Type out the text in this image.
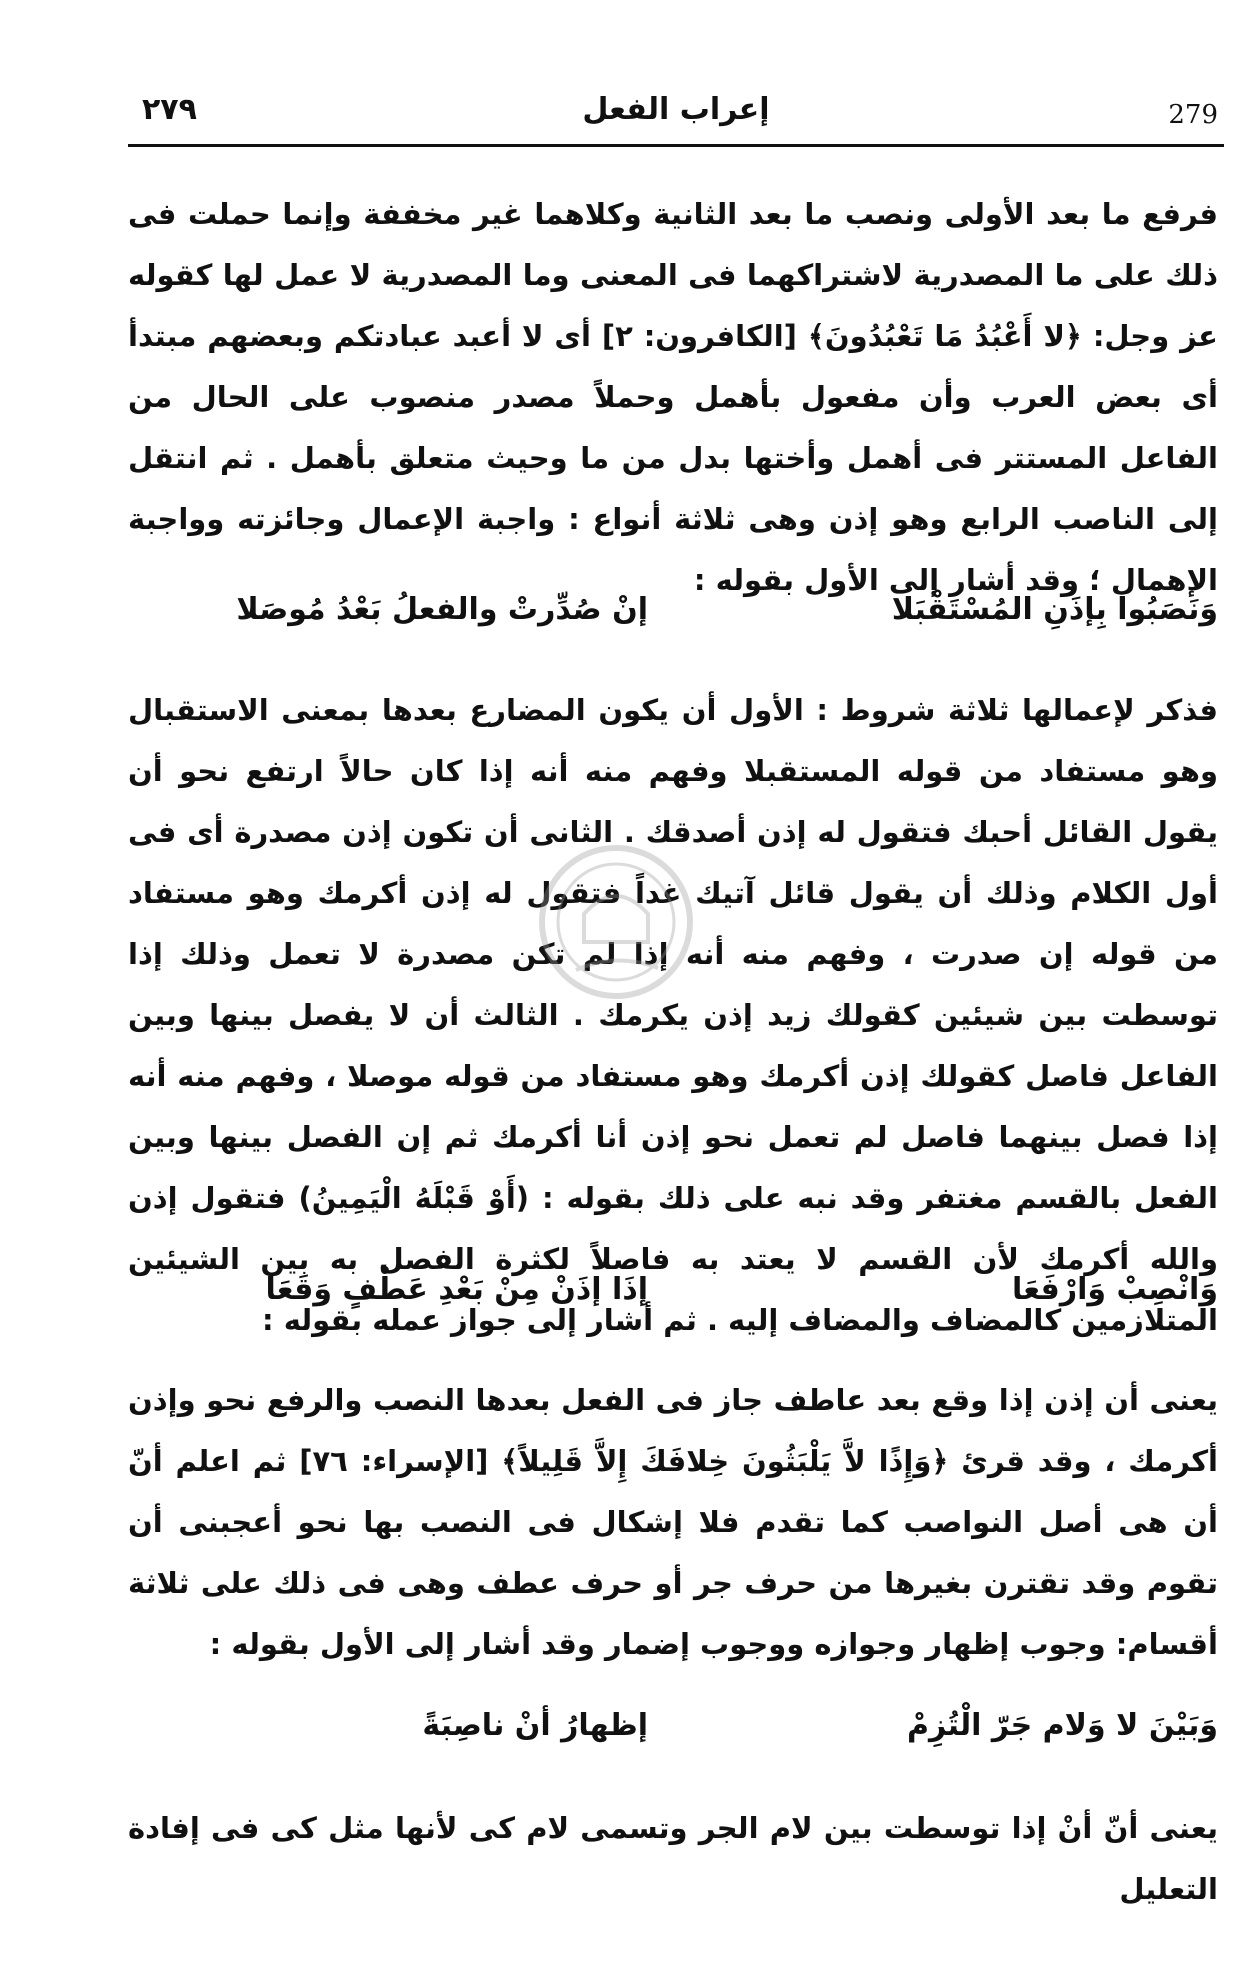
٢٧٩	إعراب الفعل	279

فرفع ما بعد الأولى ونصب ما بعد الثانية وكلاهما غير مخففة وإنما حملت فى ذلك على ما المصدرية لاشتراكهما فى المعنى وما المصدرية لا عمل لها كقوله عز وجل: ﴿لا أَعْبُدُ مَا تَعْبُدُونَ﴾ [الكافرون: ٢] أى لا أعبد عبادتكم وبعضهم مبتدأ أى بعض العرب وأن مفعول بأهمل وحملاً مصدر منصوب على الحال من الفاعل المستتر فى أهمل وأختها بدل من ما وحيث متعلق بأهمل . ثم انتقل إلى الناصب الرابع وهو إذن وهى ثلاثة أنواع : واجبة الإعمال وجائزته وواجبة الإهمال ؛ وقد أشار إلى الأول بقوله :

وَنَصَبُوا بِإذَنِ المُسْتَقْبَلا
إنْ صُدِّرتْ والفعلُ بَعْدُ مُوصَلا

فذكر لإعمالها ثلاثة شروط : الأول أن يكون المضارع بعدها بمعنى الاستقبال وهو مستفاد من قوله المستقبلا وفهم منه أنه إذا كان حالاً ارتفع نحو أن يقول القائل أحبك فتقول له إذن أصدقك . الثانى أن تكون إذن مصدرة أى فى أول الكلام وذلك أن يقول قائل آتيك غداً فتقول له إذن أكرمك وهو مستفاد من قوله إن صدرت ، وفهم منه أنه إذا لم تكن مصدرة لا تعمل وذلك إذا توسطت بين شيئين كقولك زيد إذن يكرمك . الثالث أن لا يفصل بينها وبين الفاعل فاصل كقولك إذن أكرمك وهو مستفاد من قوله موصلا ، وفهم منه أنه إذا فصل بينهما فاصل لم تعمل نحو إذن أنا أكرمك ثم إن الفصل بينها وبين الفعل بالقسم مغتفر وقد نبه على ذلك بقوله : (أَوْ قَبْلَهُ الْيَمِينُ) فتقول إذن والله أكرمك لأن القسم لا يعتد به فاصلاً لكثرة الفصل به بين الشيئين المتلازمين كالمضاف والمضاف إليه . ثم أشار إلى جواز عمله بقوله :

وَانْصِبْ وَارْفَعَا
إذَا إذَنْ مِنْ بَعْدِ عَطْفٍ وَقَعَا

يعنى أن إذن إذا وقع بعد عاطف جاز فى الفعل بعدها النصب والرفع نحو وإذن أكرمك ، وقد قرئ ﴿وَإِذًا لاَّ يَلْبَثُونَ خِلافَكَ إِلاَّ قَلِيلاً﴾ [الإسراء: ٧٦] ثم اعلم أنّ أن هى أصل النواصب كما تقدم فلا إشكال فى النصب بها نحو أعجبنى أن تقوم وقد تقترن بغيرها من حرف جر أو حرف عطف وهى فى ذلك على ثلاثة أقسام: وجوب إظهار وجوازه ووجوب إضمار وقد أشار إلى الأول بقوله :

وَبَيْنَ لا وَلام جَرّ الْتُزِمْ
إظهارُ أنْ ناصِبَةً

يعنى أنّ أنْ إذا توسطت بين لام الجر وتسمى لام كى لأنها مثل كى فى إفادة التعليل
